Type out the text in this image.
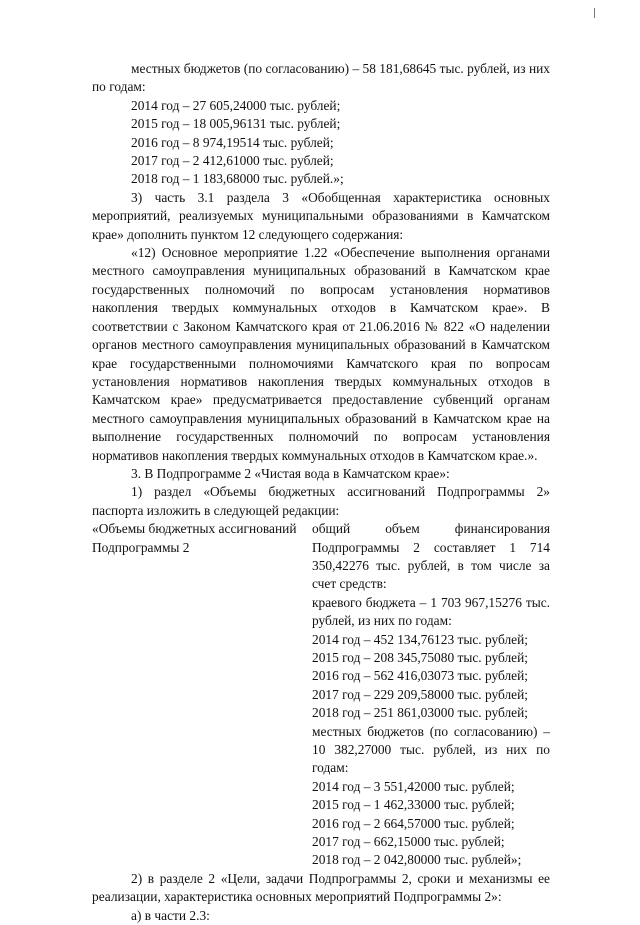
местных бюджетов (по согласованию) – 58 181,68645 тыс. рублей, из них по годам:

2014 год – 27 605,24000 тыс. рублей;

2015 год – 18 005,96131 тыс. рублей;

2016 год – 8 974,19514 тыс. рублей;

2017 год – 2 412,61000 тыс. рублей;

2018 год – 1 183,68000 тыс. рублей.»;

3) часть 3.1 раздела 3 «Обобщенная характеристика основных мероприятий, реализуемых муниципальными образованиями в Камчатском крае» дополнить пунктом 12 следующего содержания:

«12) Основное мероприятие 1.22 «Обеспечение выполнения органами местного самоуправления муниципальных образований в Камчатском крае государственных полномочий по вопросам установления нормативов накопления твердых коммунальных отходов в Камчатском крае». В соответствии с Законом Камчатского края от 21.06.2016 № 822 «О наделении органов местного самоуправления муниципальных образований в Камчатском крае государственными полномочиями Камчатского края по вопросам установления нормативов накопления твердых коммунальных отходов в Камчатском крае» предусматривается предоставление субвенций органам местного самоуправления муниципальных образований в Камчатском крае на выполнение государственных полномочий по вопросам установления нормативов накопления твердых коммунальных отходов в Камчатском крае.».

3. В Подпрограмме 2 «Чистая вода в Камчатском крае»:

1) раздел «Объемы бюджетных ассигнований Подпрограммы 2» паспорта изложить в следующей редакции:

«Объемы бюджетных ассигнований Подпрограммы 2

общий объем финансирования Подпрограммы 2 составляет 1 714 350,42276 тыс. рублей, в том числе за счет средств:

краевого бюджета – 1 703 967,15276 тыс. рублей, из них по годам:

2014 год – 452 134,76123 тыс. рублей;

2015 год – 208 345,75080 тыс. рублей;

2016 год – 562 416,03073 тыс. рублей;

2017 год – 229 209,58000 тыс. рублей;

2018 год – 251 861,03000 тыс. рублей;

местных бюджетов (по согласованию) – 10 382,27000 тыс. рублей, из них по годам:

2014 год – 3 551,42000 тыс. рублей;

2015 год – 1 462,33000 тыс. рублей;

2016 год – 2 664,57000 тыс. рублей;

2017 год – 662,15000 тыс. рублей;

2018 год – 2 042,80000 тыс. рублей»;

2) в разделе 2 «Цели, задачи Подпрограммы 2, сроки и механизмы ее реализации, характеристика основных мероприятий Подпрограммы 2»:

а) в части 2.3:
